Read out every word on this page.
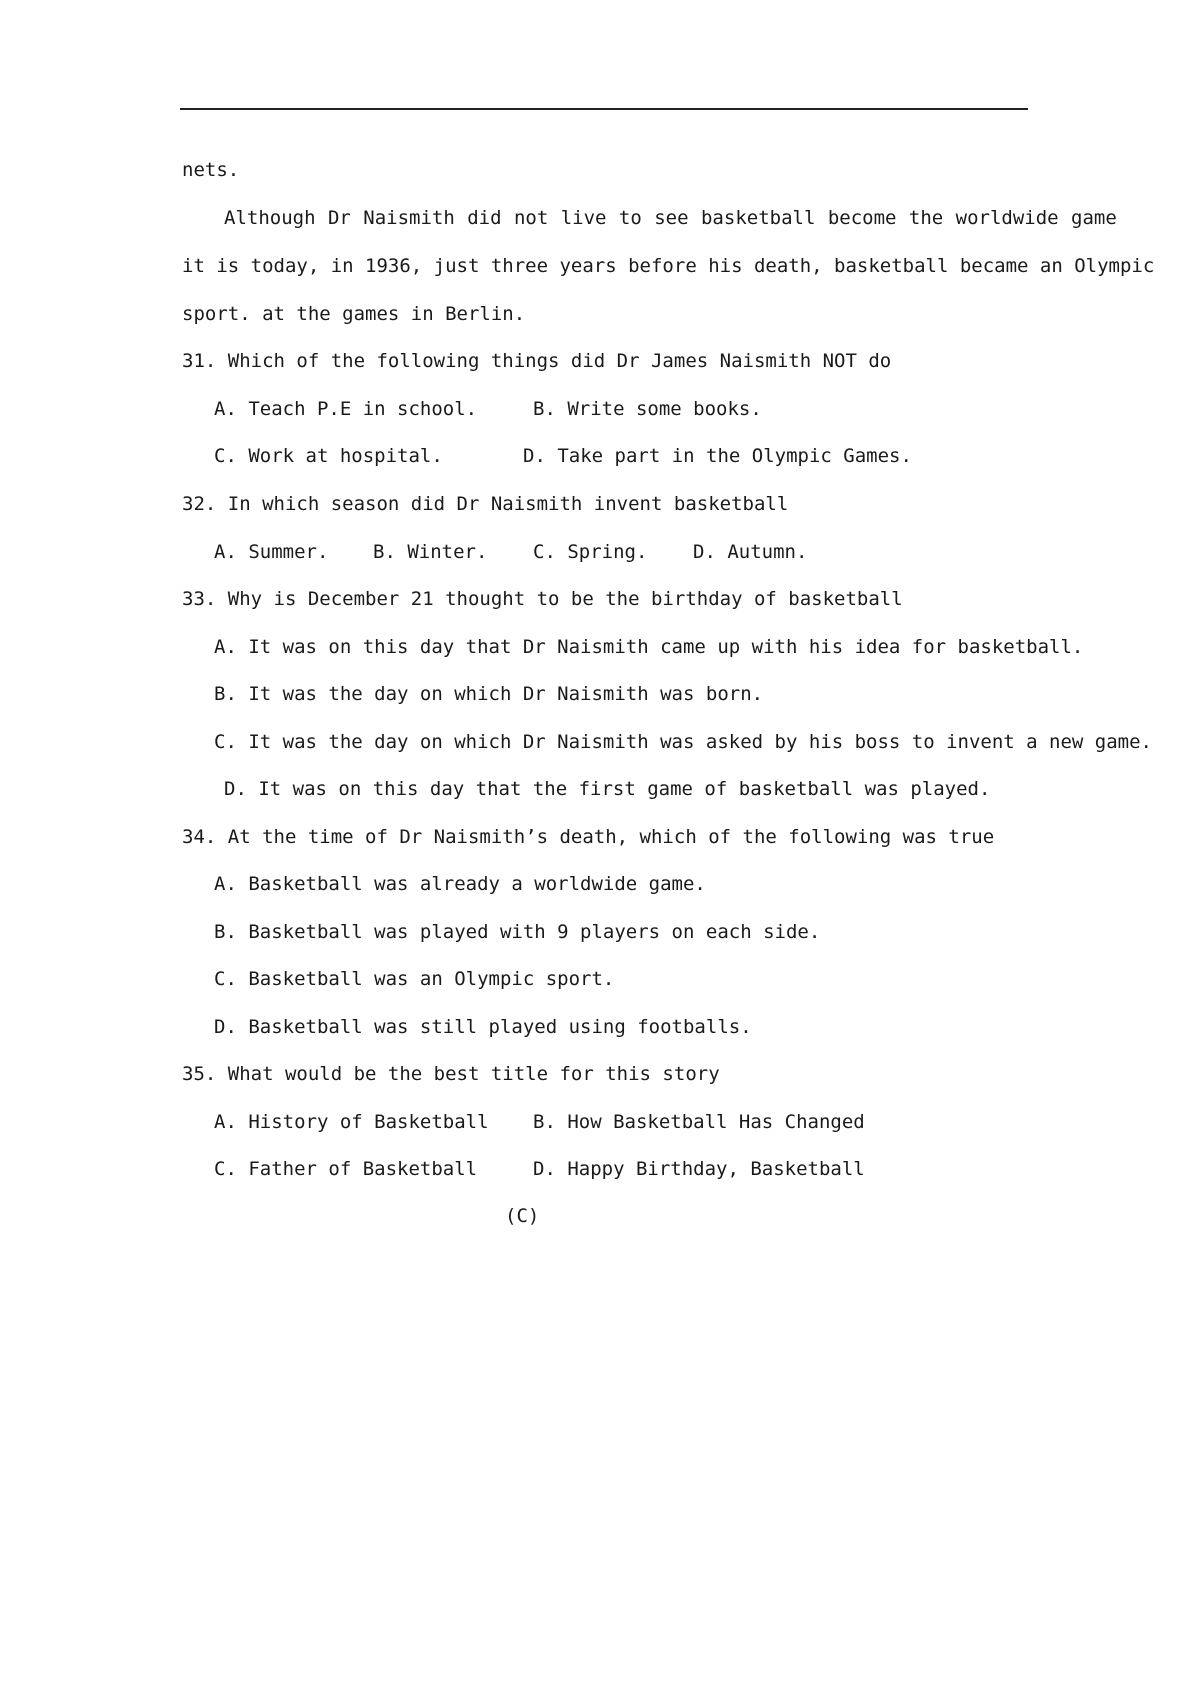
nets.
Although Dr Naismith did not live to see basketball become the worldwide game
it is today, in 1936, just three years before his death, basketball became an Olympic
sport. at the games in Berlin.
31. Which of the following things did Dr James Naismith NOT do
A. Teach P.E in school.	B. Write some books.
C. Work at hospital.	D. Take part in the Olympic Games.
32. In which season did Dr Naismith invent basketball
A. Summer. B. Winter. C. Spring. D. Autumn.
33. Why is December 21 thought to be the birthday of basketball
A. It was on this day that Dr Naismith came up with his idea for basketball.
B. It was the day on which Dr Naismith was born.
C. It was the day on which Dr Naismith was asked by his boss to invent a new game.
D. It was on this day that the first game of basketball was played.
34. At the time of Dr Naismith’s death, which of the following was true
A. Basketball was already a worldwide game.
B. Basketball was played with 9 players on each side.
C. Basketball was an Olympic sport.
D. Basketball was still played using footballs.
35. What would be the best title for this story
A. History of Basketball B. How Basketball Has Changed
C. Father of Basketball	D. Happy Birthday, Basketball
(C)
